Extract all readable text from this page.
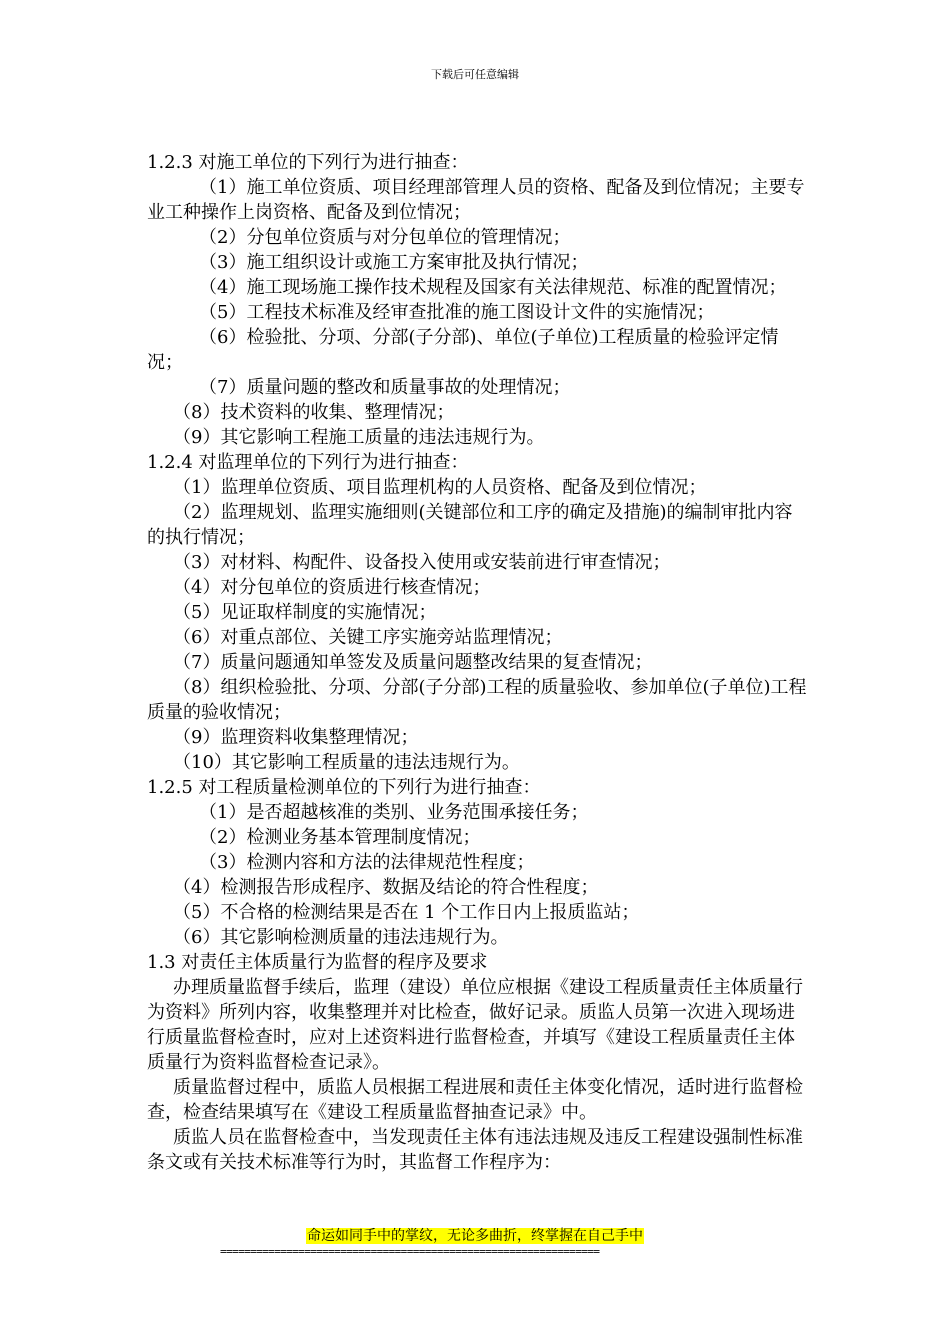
下载后可任意编辑

1.2.3 对施工单位的下列行为进行抽查：

（1）施工单位资质、项目经理部管理人员的资格、配备及到位情况；主要专业工种操作上岗资格、配备及到位情况；

（2）分包单位资质与对分包单位的管理情况；

（3）施工组织设计或施工方案审批及执行情况；

（4）施工现场施工操作技术规程及国家有关法律规范、标准的配置情况；

（5）工程技术标准及经审查批准的施工图设计文件的实施情况；

（6）检验批、分项、分部(子分部)、单位(子单位)工程质量的检验评定情况；

（7）质量问题的整改和质量事故的处理情况；

（8）技术资料的收集、整理情况；

（9）其它影响工程施工质量的违法违规行为。

1.2.4 对监理单位的下列行为进行抽查：

（1）监理单位资质、项目监理机构的人员资格、配备及到位情况；

（2）监理规划、监理实施细则(关键部位和工序的确定及措施)的编制审批内容的执行情况；

（3）对材料、构配件、设备投入使用或安装前进行审查情况；

（4）对分包单位的资质进行核查情况；

（5）见证取样制度的实施情况；

（6）对重点部位、关键工序实施旁站监理情况；

（7）质量问题通知单签发及质量问题整改结果的复查情况；

（8）组织检验批、分项、分部(子分部)工程的质量验收、参加单位(子单位)工程质量的验收情况；

（9）监理资料收集整理情况；

（10）其它影响工程质量的违法违规行为。

1.2.5 对工程质量检测单位的下列行为进行抽查：

（1）是否超越核准的类别、业务范围承接任务；

（2）检测业务基本管理制度情况；

（3）检测内容和方法的法律规范性程度；

（4）检测报告形成程序、数据及结论的符合性程度；

（5）不合格的检测结果是否在 1 个工作日内上报质监站；

（6）其它影响检测质量的违法违规行为。

1.3 对责任主体质量行为监督的程序及要求

办理质量监督手续后，监理（建设）单位应根据《建设工程质量责任主体质量行为资料》所列内容，收集整理并对比检查，做好记录。质监人员第一次进入现场进行质量监督检查时，应对上述资料进行监督检查，并填写《建设工程质量责任主体质量行为资料监督检查记录》。

质量监督过程中，质监人员根据工程进展和责任主体变化情况，适时进行监督检查，检查结果填写在《建设工程质量监督抽查记录》中。

质监人员在监督检查中，当发现责任主体有违法违规及违反工程建设强制性标准条文或有关技术标准等行为时，其监督工作程序为：

命运如同手中的掌纹，无论多曲折，终掌握在自己手中
===============================================================
